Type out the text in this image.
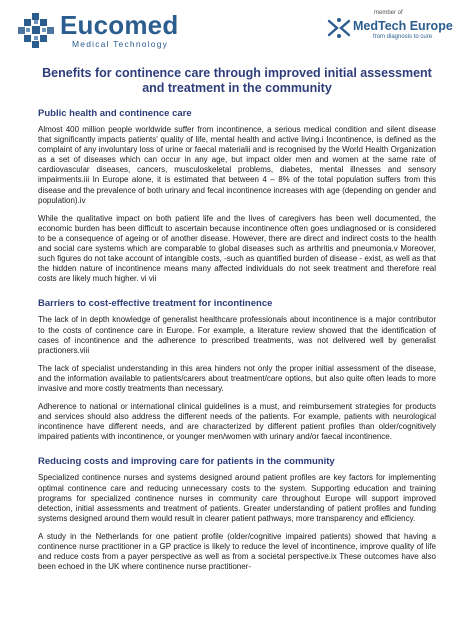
Eucomed
Medical Technology
member of
MedTech Europe
from diagnosis to cure
Benefits for continence care through improved initial assessment and treatment in the community
Public health and continence care

Almost 400 million people worldwide suffer from incontinence, a serious medical condition and silent disease that significantly impacts patients' quality of life, mental health and active living.i Incontinence, is defined as the complaint of any involuntary loss of urine or faecal materialii and is recognised by the World Health Organization as a set of diseases which can occur in any age, but impact older men and women at the same rate of cardiovascular diseases, cancers, musculoskeletal problems, diabetes, mental illnesses and sensory impairments.iii In Europe alone, it is estimated that between 4 – 8% of the total population suffers from this disease and the prevalence of both urinary and fecal incontinence increases with age (depending on gender and population).iv

While the qualitative impact on both patient life and the lives of caregivers has been well documented, the economic burden has been difficult to ascertain because incontinence often goes undiagnosed or is considered to be a consequence of ageing or of another disease. However, there are direct and indirect costs to the health and social care systems which are comparable to global diseases such as arthritis and pneumonia.v Moreover, such figures do not take account of intangible costs, -such as quantified burden of disease - exist, as well as that the hidden nature of incontinence means many affected individuals do not seek treatment and therefore real costs are likely much higher. vi vii

Barriers to cost-effective treatment for incontinence

The lack of in depth knowledge of generalist healthcare professionals about incontinence is a major contributor to the costs of continence care in Europe. For example, a literature review showed that the identification of cases of incontinence and the adherence to prescribed treatments, was not delivered well by generalist practioners.viii

The lack of specialist understanding in this area hinders not only the proper initial assessment of the disease, and the information available to patients/carers about treatment/care options, but also quite often leads to more invasive and more costly treatments than necessary.

Adherence to national or international clinical guidelines is a must, and reimbursement strategies for products and services should also address the different needs of the patients. For example, patients with neurological incontinence have different needs, and are characterized by different patient profiles than older/cognitively impaired patients with incontinence, or younger men/women with urinary and/or faecal incontinence.

Reducing costs and improving care for patients in the community

Specialized continence nurses and systems designed around patient profiles are key factors for implementing optimal continence care and reducing unnecessary costs to the system. Supporting education and training programs for specialized continence nurses in community care throughout Europe will support improved detection, initial assessments and treatment of patients. Greater understanding of patient profiles and funding systems designed around them would result in clearer patient pathways, more transparency and efficiency.

A study in the Netherlands for one patient profile (older/cognitive impaired patients) showed that having a continence nurse practitioner in a GP practice is likely to reduce the level of incontinence, improve quality of life and reduce costs from a payer perspective as well as from a societal perspective.ix These outcomes have also been echoed in the UK where continence nurse practitioner-
